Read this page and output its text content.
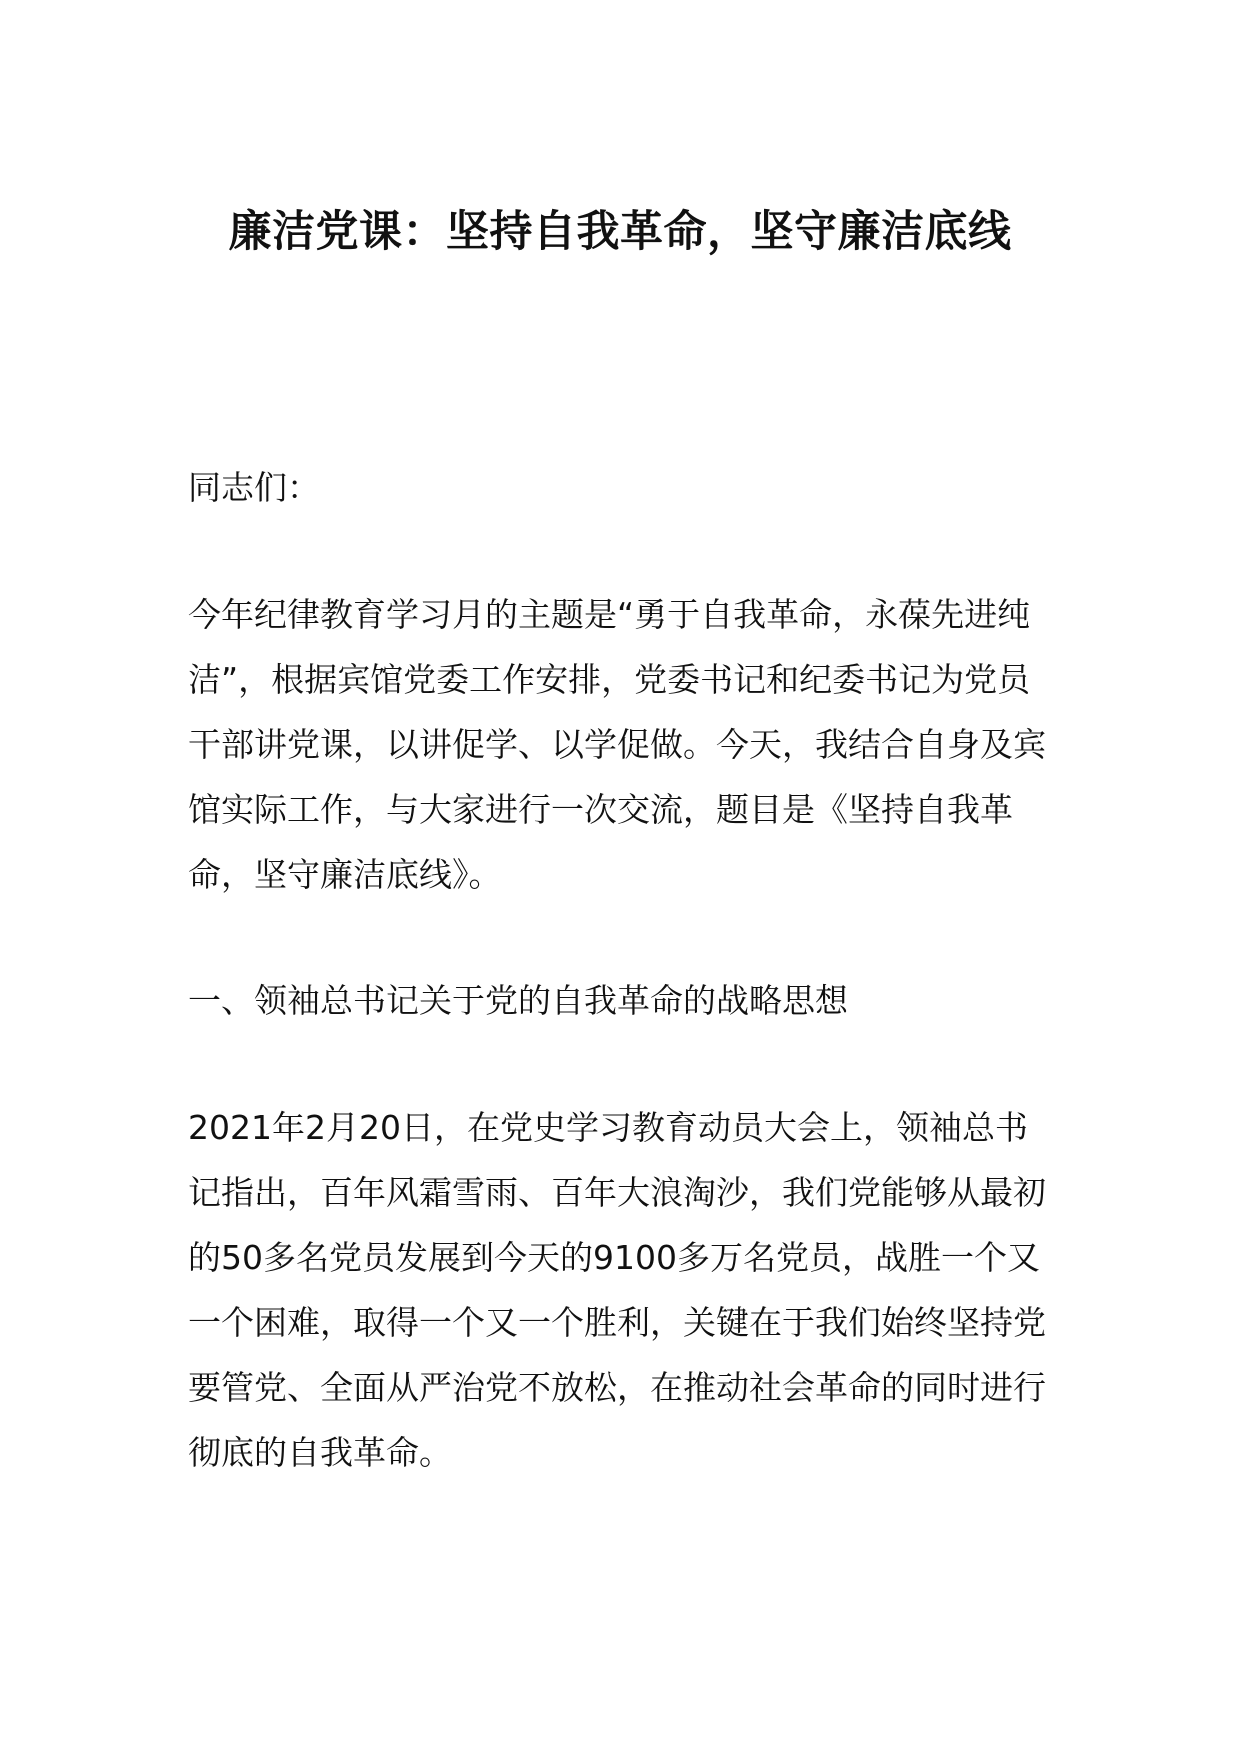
廉洁党课：坚持自我革命，坚守廉洁底线

同志们：

今年纪律教育学习月的主题是“勇于自我革命，永葆先进纯洁”，根据宾馆党委工作安排，党委书记和纪委书记为党员干部讲党课，以讲促学、以学促做。今天，我结合自身及宾馆实际工作，与大家进行一次交流，题目是《坚持自我革命，坚守廉洁底线》。

一、领袖总书记关于党的自我革命的战略思想

2021年2月20日，在党史学习教育动员大会上，领袖总书记指出，百年风霜雪雨、百年大浪淘沙，我们党能够从最初的50多名党员发展到今天的9100多万名党员，战胜一个又一个困难，取得一个又一个胜利，关键在于我们始终坚持党要管党、全面从严治党不放松，在推动社会革命的同时进行彻底的自我革命。
